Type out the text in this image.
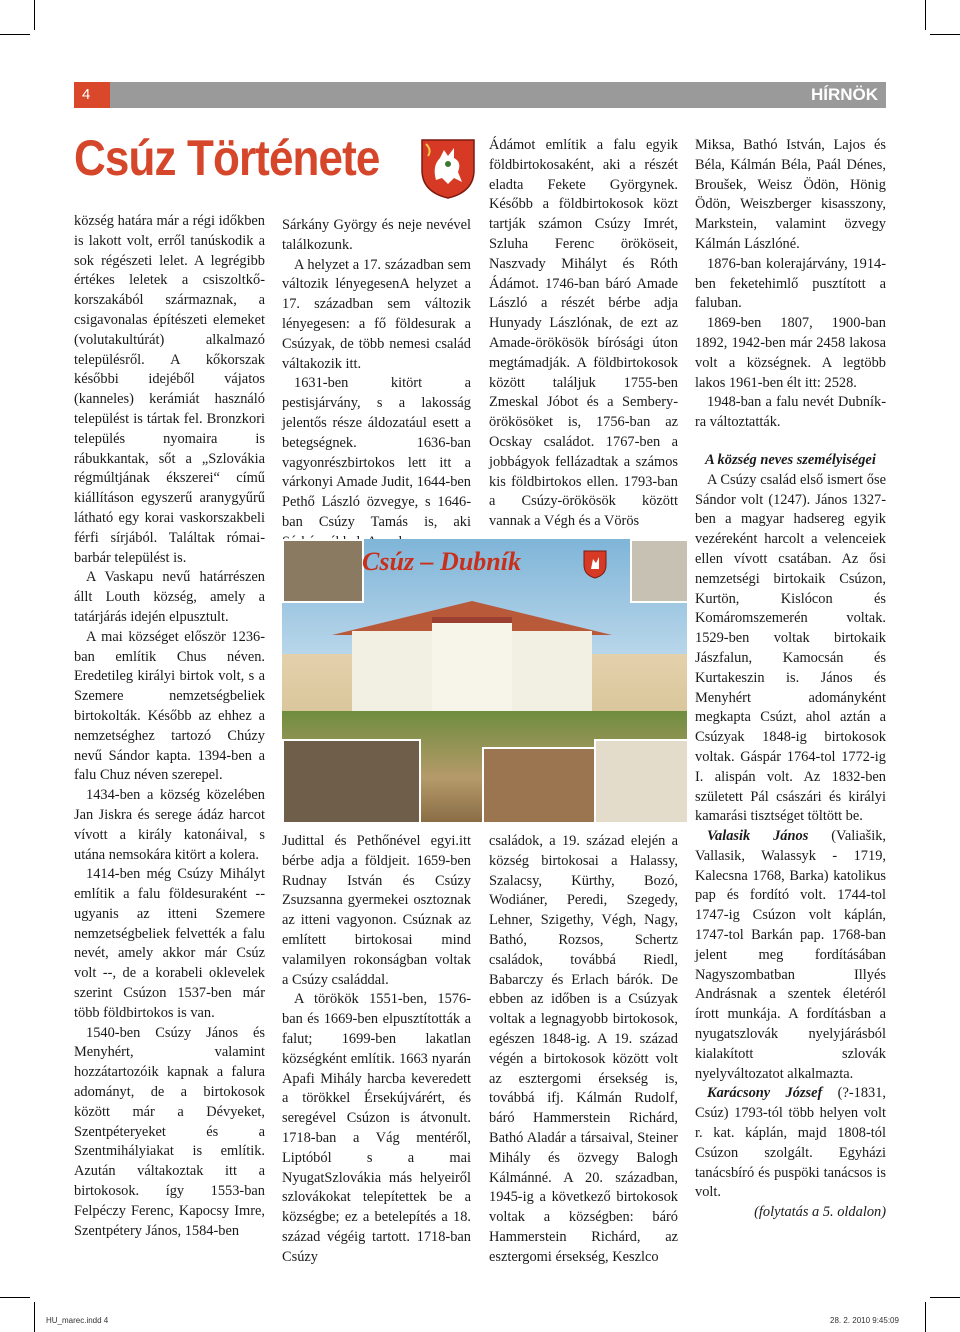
4	HÍRNÖK
Csúz Története

község határa már a régi időkben is lakott volt, erről tanúskodik a sok régészeti lelet. A legrégibb értékes leletek a csiszoltkő-korszakából származnak, a csigavonalas építészeti elemeket (volutakultúrát) alkalmazó településről. A kőkorszak későbbi idejéből vájatos (kanneles) kerámiát használó települést is tártak fel. Bronzkori település nyomaira is rábukkantak, sőt a „Szlovákia régmúltjának ékszerei“ című kiállításon egyszerű aranygyűrű látható egy korai vaskorszakbeli férfi sírjából. Találtak római-barbár települést is.

A Vaskapu nevű határrészen állt Louth község, amely a tatárjárás idején elpusztult.

A mai községet először 1236-ban említik Chus néven. Eredetileg királyi birtok volt, s a Szemere nemzetségbeliek birtokolták. Később az ehhez a nemzetséghez tartozó Chúzy nevű Sándor kapta. 1394-ben a falu Chuz néven szerepel.

1434-ben a község közelében Jan Jiskra és serege ádáz harcot vívott a király katonáival, s utána nemsokára kitört a kolera.

1414-ben még Csúzy Mihályt említik a falu földesuraként -- ugyanis az itteni Szemere nemzetségbeliek felvették a falu nevét, amely akkor már Csúz volt --, de a korabeli oklevelek szerint Csúzon 1537-ben már több földbirtokos is van.

1540-ben Csúzy János és Menyhért, valamint hozzátartozóik kapnak a falura adományt, de a birtokosok között már a Dévyeket, Szentpéteryeket és a Szentmihályiakat is említik. Azután váltakoztak itt a birtokosok. így 1553-ban Felpéczy Ferenc, Kapocsy Imre, Szentpétery János, 1584-ben

Sárkány György és neje nevével találkozunk.

A helyzet a 17. században sem változik lényegesenA helyzet a 17. században sem változik lényegesen: a fő földesurak a Csúzyak, de több nemesi család váltakozik itt.

1631-ben kitört a pestisjárvány, s a lakosság jelentős része áldozatául esett a betegségnek. 1636-ban vagyonrészbirtokos lett itt a várkonyi Amade Judit, 1644-ben Pethő László özvegye, s 1646-ban Csúzy Tamás is, aki

Ádámot említik a falu egyik földbirtokosaként, aki a részét eladta Fekete Györgynek. Később a földbirtokosok közt tartják számon Csúzy Imrét, Szluha Ferenc örököseit, Naszvady Mihályt és Róth Ádámot. 1746-ban báró Amade László a részét bérbe adja Hunyady Lászlónak, de ezt az Amade-örökösök bírósági úton megtámadják. A földbirtokosok között találjuk 1755-ben Zmeskal Jóbot és a Sembery-örökösöket is, 1756-ban az Ocskay családot. 1767-ben a jobbágyok fellázadtak a számos kis földbirtokos ellen. 1793-ban a Csúzy-örökösök között vannak a Végh és a Vörös

Csúz – Dubník

Judittal és Pethőnével egyi.itt bérbe adja a földjeit. 1659-ben Rudnay István és Csúzy Zsuzsanna gyermekei osztoznak az itteni vagyonon. Csúznak az említett birtokosai mind valamilyen rokonságban voltak a Csúzy családdal.

A törökök 1551-ben, 1576-ban és 1669-ben elpusztították a falut; 1699-ben lakatlan községként említik. 1663 nyarán Apafi Mihály harcba keveredett a törökkel Érsekújvárért, és seregével Csúzon is átvonult. 1718-ban a Vág mentéről, Liptóból s a mai NyugatSzlovákia más helyeiről szlovákokat telepítettek be a községbe; ez a betelepítés a 18. század végéig tartott. 1718-ban Csúzy

családok, a 19. század elején a község birtokosai a Halassy, Szalacsy, Kürthy, Bozó, Wodiáner, Peredi, Szegedy, Lehner, Szigethy, Végh, Nagy, Bathó, Rozsos, Schertz családok, továbbá Riedl, Babarczy és Erlach bárók. De ebben az időben is a Csúzyak voltak a legnagyobb birtokosok, egészen 1848-ig. A 19. század végén a birtokosok között volt az esztergomi érsekség is, továbbá ifj. Kálmán Rudolf, báró Hammerstein Richárd, Bathó Aladár a társaival, Steiner Mihály és özvegy Balogh Kálmánné. A 20. században, 1945-ig a következő birtokosok voltak a községben: báró Hammerstein Richárd, az esztergomi érsekség, Keszlco

Miksa, Bathó István, Lajos és Béla, Kálmán Béla, Paál Dénes, Broušek, Weisz Ödön, Hönig Ödön, Weiszberger kisasszony, Markstein, valamint özvegy Kálmán Lászlóné.

1876-ban kolerajárvány, 1914-ben feketehimlő pusztított a faluban.

1869-ben 1807, 1900-ban 1892, 1942-ben már 2458 lakosa volt a községnek. A legtöbb lakos 1961-ben élt itt: 2528.

1948-ban a falu nevét Dubník-ra változtatták.

A község neves személyiségei

A Csúzy család első ismert őse Sándor volt (1247). János 1327-ben a magyar hadsereg egyik vezéreként harcolt a velenceiek ellen vívott csatában. Az ősi nemzetségi birtokaik Csúzon, Kurtön, Kislócon és Komáromszemerén voltak. 1529-ben voltak birtokaik Jászfalun, Kamocsán és Kurtakeszin is. János és Menyhért adományként megkapta Csúzt, ahol aztán a Csúzyak 1848-ig birtokosok voltak. Gáspár 1764-tol 1772-ig I. alispán volt. Az 1832-ben született Pál császári és királyi kamarási tisztséget töltött be.

Valasik János (Valiašik, Vallasik, Walassyk - 1719, Kalecsna 1768, Barka) katolikus pap és fordító volt. 1744-tol 1747-ig Csúzon volt káplán, 1747-tol Barkán pap. 1768-ban jelent meg fordításában Nagyszombatban Illyés Andrásnak a szentek életéról írott munkája. A fordításban a nyugatszlovák nyelyjárásból kialakított szlovák nyelyváltozatot alkalmazta.

Karácsony József (?-1831, Csúz) 1793-tól több helyen volt r. kat. káplán, majd 1808-tól Csúzon szolgált. Egyházi tanácsbíró és puspöki tanácsos is volt.

(folytatás a 5. oldalon)

HU_marec.indd 4	28. 2. 2010 9:45:09
